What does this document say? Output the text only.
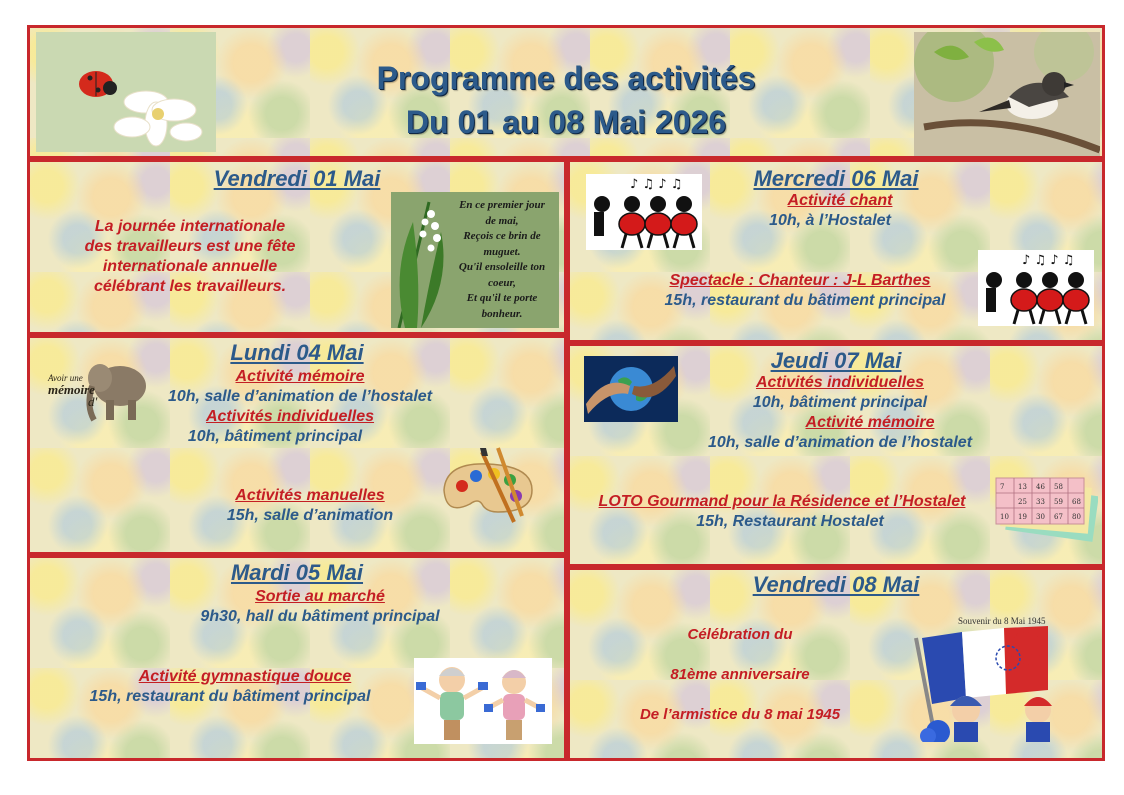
Programme des activités
Du 01 au 08 Mai 2026
Vendredi 01 Mai
La journée internationale
des travailleurs est une fête
internationale annuelle
célébrant les travailleurs.
En ce premier jour
de mai,
Reçois ce brin de
muguet.
Qu'il ensoleille ton
coeur,
Et qu'il te porte
bonheur.
Lundi 04 Mai
Activité mémoire
10h, salle d’animation de l’hostalet
Activités individuelles
10h, bâtiment principal
Activités manuelles
15h, salle d’animation
Avoir une
mémoire
d'
Mardi 05 Mai
Sortie au marché
9h30, hall du bâtiment principal
Activité gymnastique douce
15h, restaurant du bâtiment principal
Mercredi 06 Mai
Activité chant
10h, à l’Hostalet
Spectacle : Chanteur : J-L Barthes
15h, restaurant du bâtiment principal
♪ ♫ ♪ ♫
♪ ♫ ♪ ♫
Jeudi 07 Mai
Activités individuelles
10h, bâtiment principal
Activité mémoire
10h, salle d’animation de l’hostalet
LOTO Gourmand pour la Résidence et l’Hostalet
15h, Restaurant Hostalet
7 13 46 58
25 33 59 68
10 19 30 67 80
Vendredi 08 Mai
Célébration du
81ème anniversaire
De l’armistice du 8 mai 1945
Souvenir du 8 Mai 1945
